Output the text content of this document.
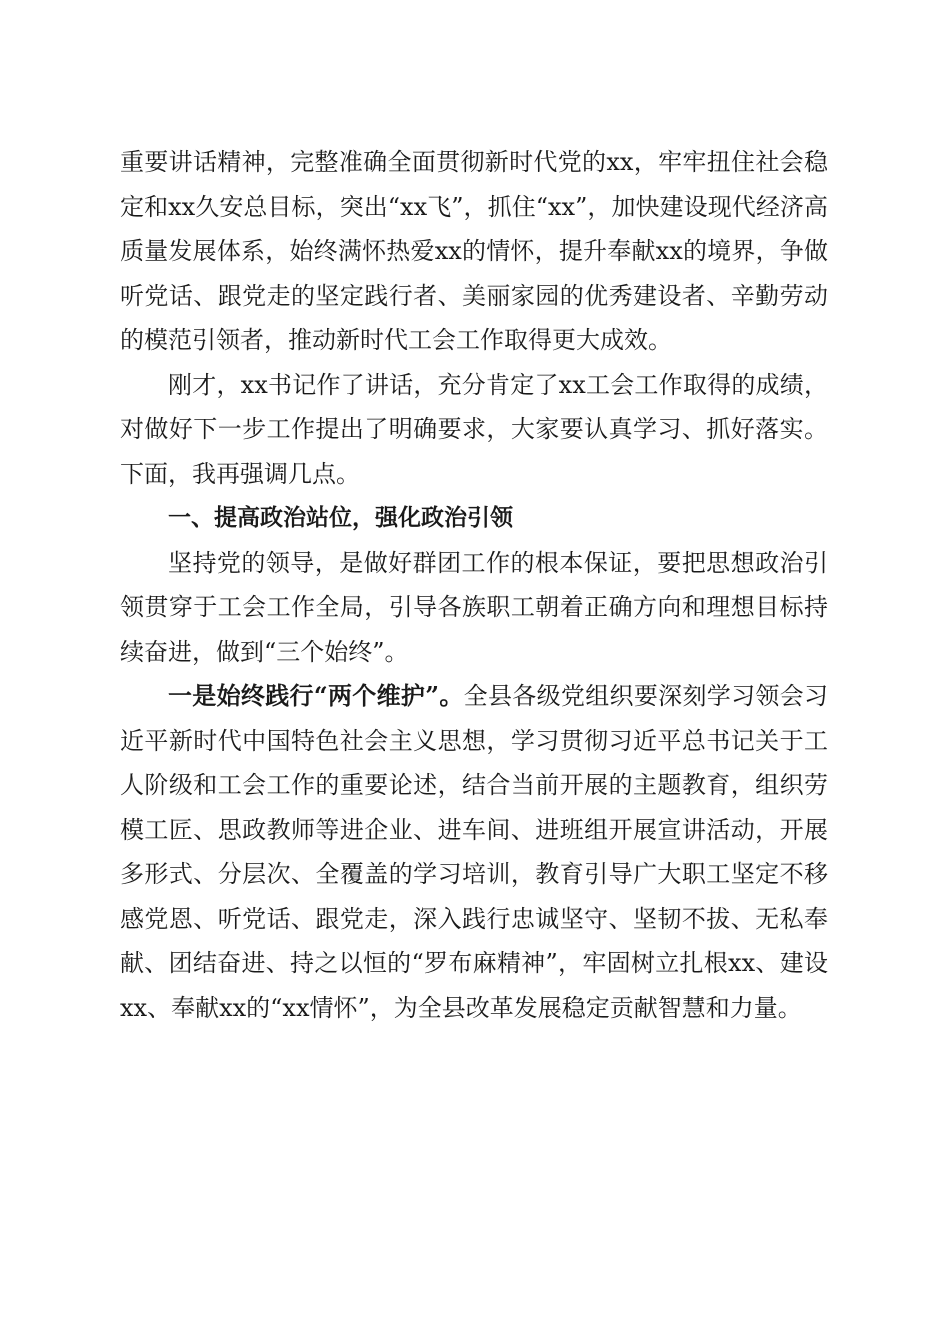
重要讲话精神，完整准确全面贯彻新时代党的xx，牢牢扭住社会稳定和xx久安总目标，突出“xx飞”，抓住“xx”，加快建设现代经济高质量发展体系，始终满怀热爱xx的情怀，提升奉献xx的境界，争做听党话、跟党走的坚定践行者、美丽家园的优秀建设者、辛勤劳动的模范引领者，推动新时代工会工作取得更大成效。

刚才，xx书记作了讲话，充分肯定了xx工会工作取得的成绩，对做好下一步工作提出了明确要求，大家要认真学习、抓好落实。下面，我再强调几点。

一、提高政治站位，强化政治引领

坚持党的领导，是做好群团工作的根本保证，要把思想政治引领贯穿于工会工作全局，引导各族职工朝着正确方向和理想目标持续奋进，做到“三个始终”。

一是始终践行“两个维护”。全县各级党组织要深刻学习领会习近平新时代中国特色社会主义思想，学习贯彻习近平总书记关于工人阶级和工会工作的重要论述，结合当前开展的主题教育，组织劳模工匠、思政教师等进企业、进车间、进班组开展宣讲活动，开展多形式、分层次、全覆盖的学习培训，教育引导广大职工坚定不移感党恩、听党话、跟党走，深入践行忠诚坚守、坚韧不拔、无私奉献、团结奋进、持之以恒的“罗布麻精神”，牢固树立扎根xx、建设xx、奉献xx的“xx情怀”，为全县改革发展稳定贡献智慧和力量。
